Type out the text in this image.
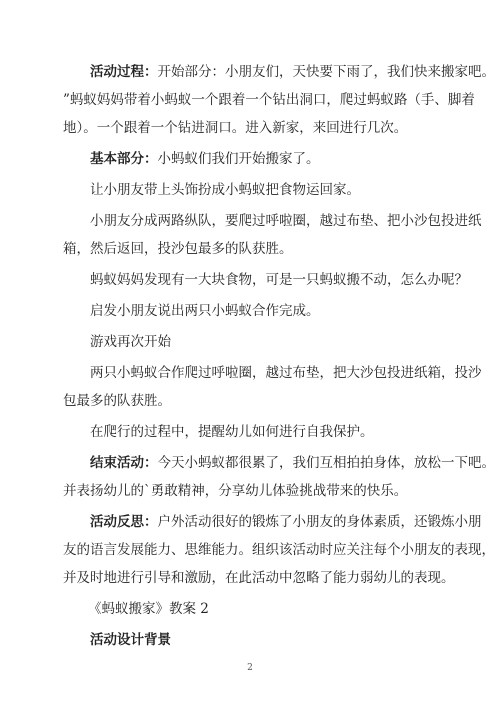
活动过程：开始部分：小朋友们，天快要下雨了，我们快来搬家吧。
”蚂蚁妈妈带着小蚂蚁一个跟着一个钻出洞口，爬过蚂蚁路（手、脚着
地）。一个跟着一个钻进洞口。进入新家，来回进行几次。
基本部分：小蚂蚁们我们开始搬家了。
让小朋友带上头饰扮成小蚂蚁把食物运回家。
小朋友分成两路纵队，要爬过呼啦圈，越过布垫、把小沙包投进纸
箱，然后返回，投沙包最多的队获胜。
蚂蚁妈妈发现有一大块食物，可是一只蚂蚁搬不动，怎么办呢？
启发小朋友说出两只小蚂蚁合作完成。
游戏再次开始
两只小蚂蚁合作爬过呼啦圈，越过布垫，把大沙包投进纸箱，投沙
包最多的队获胜。
在爬行的过程中，提醒幼儿如何进行自我保护。
结束活动：今天小蚂蚁都很累了，我们互相拍拍身体，放松一下吧。
并表扬幼儿的`勇敢精神，分享幼儿体验挑战带来的快乐。
活动反思：户外活动很好的锻炼了小朋友的身体素质，还锻炼小朋
友的语言发展能力、思维能力。组织该活动时应关注每个小朋友的表现，
并及时地进行引导和激励，在此活动中忽略了能力弱幼儿的表现。
《蚂蚁搬家》教案 2
活动设计背景
2
